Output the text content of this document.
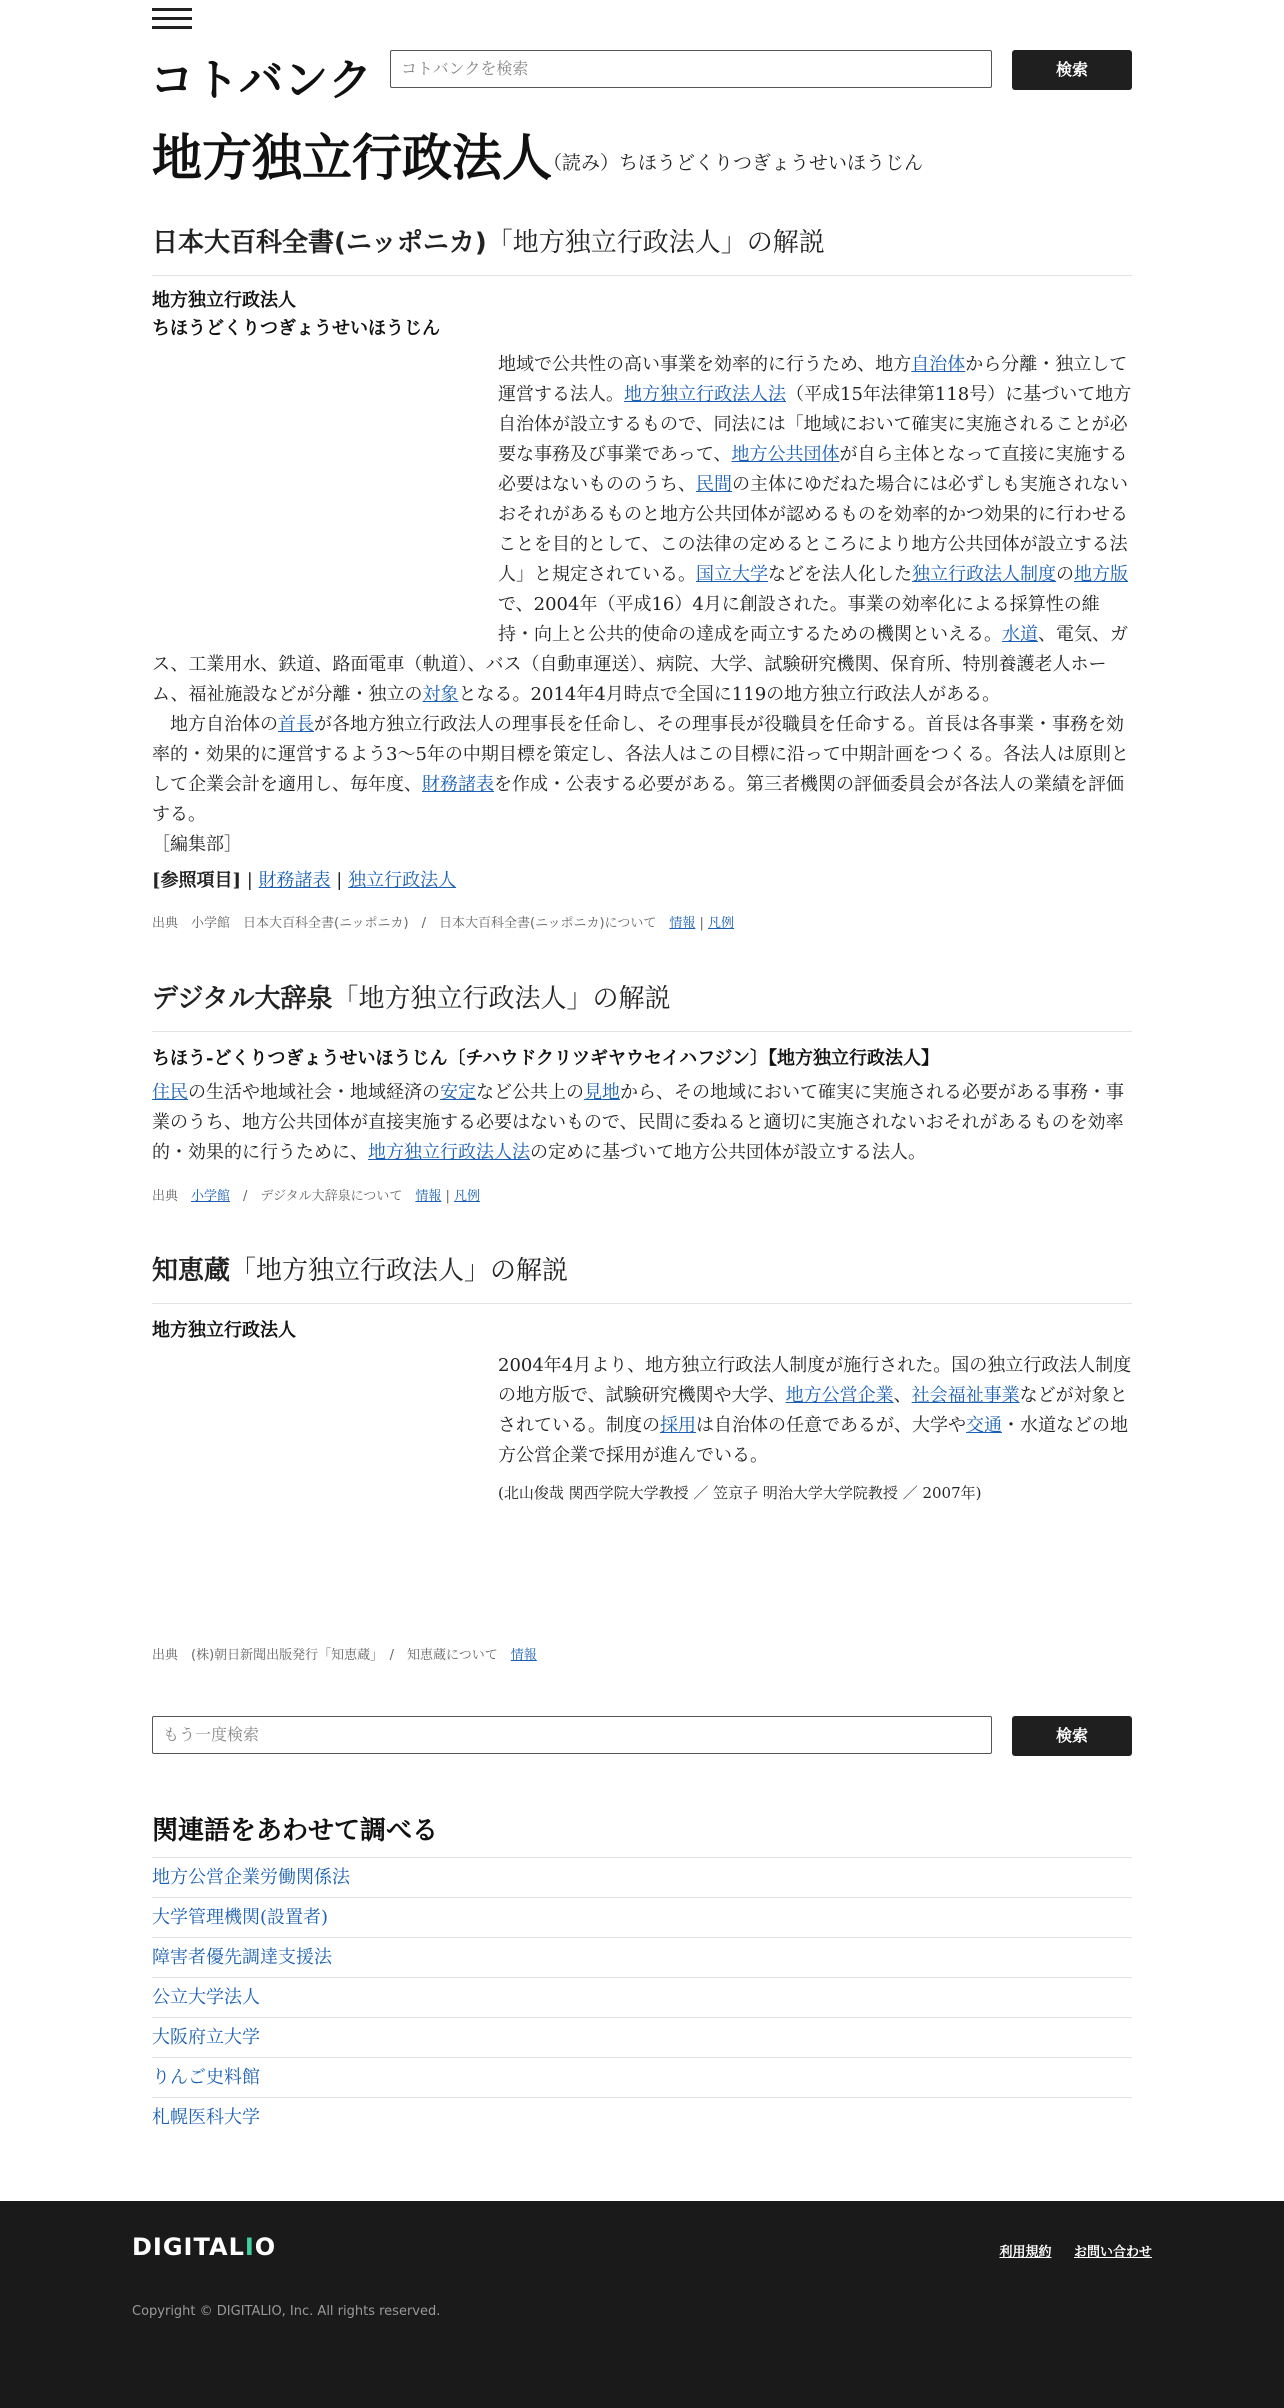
コトバンク	コトバンクを検索	検索
地方独立行政法人
（読み）ちほうどくりつぎょうせいほうじん
日本大百科全書(ニッポニカ)「地方独立行政法人」の解説
地方独立行政法人
ちほうどくりつぎょうせいほうじん
地域で公共性の高い事業を効率的に行うため、地方自治体から分離・独立して運営する法人。地方独立行政法人法（平成15年法律第118号）に基づいて地方自治体が設立するもので、同法には「地域において確実に実施されることが必要な事務及び事業であって、地方公共団体が自ら主体となって直接に実施する必要はないもののうち、民間の主体にゆだねた場合には必ずしも実施されないおそれがあるものと地方公共団体が認めるものを効率的かつ効果的に行わせることを目的として、この法律の定めるところにより地方公共団体が設立する法人」と規定されている。国立大学などを法人化した独立行政法人制度の地方版で、2004年（平成16）4月に創設された。事業の効率化による採算性の維持・向上と公共的使命の達成を両立するための機関といえる。水道、電気、ガス、工業用水、鉄道、路面電車（軌道）、バス（自動車運送）、病院、大学、試験研究機関、保育所、特別養護老人ホーム、福祉施設などが分離・独立の対象となる。2014年4月時点で全国に119の地方独立行政法人がある。
　地方自治体の首長が各地方独立行政法人の理事長を任命し、その理事長が役職員を任命する。首長は各事業・事務を効率的・効果的に運営するよう3～5年の中期目標を策定し、各法人はこの目標に沿って中期計画をつくる。各法人は原則として企業会計を適用し、毎年度、財務諸表を作成・公表する必要がある。第三者機関の評価委員会が各法人の業績を評価する。
［編集部］
[参照項目] | 財務諸表 | 独立行政法人
出典　小学館　日本大百科全書(ニッポニカ)　/　日本大百科全書(ニッポニカ)について　情報 | 凡例
デジタル大辞泉「地方独立行政法人」の解説
ちほう-どくりつぎょうせいほうじん〔チハウドクリツギヤウセイハフジン〕【地方独立行政法人】
住民の生活や地域社会・地域経済の安定など公共上の見地から、その地域において確実に実施される必要がある事務・事業のうち、地方公共団体が直接実施する必要はないもので、民間に委ねると適切に実施されないおそれがあるものを効率的・効果的に行うために、地方独立行政法人法の定めに基づいて地方公共団体が設立する法人。
出典　小学館　/　デジタル大辞泉について　情報 | 凡例
知恵蔵「地方独立行政法人」の解説
地方独立行政法人
2004年4月より、地方独立行政法人制度が施行された。国の独立行政法人制度の地方版で、試験研究機関や大学、地方公営企業、社会福祉事業などが対象とされている。制度の採用は自治体の任意であるが、大学や交通・水道などの地方公営企業で採用が進んでいる。
(北山俊哉 関西学院大学教授 ／ 笠京子 明治大学大学院教授 ／ 2007年)
出典　(株)朝日新聞出版発行「知恵蔵」　/　知恵蔵について　情報
もう一度検索	検索
関連語をあわせて調べる
地方公営企業労働関係法
大学管理機関(設置者)
障害者優先調達支援法
公立大学法人
大阪府立大学
りんご史料館
札幌医科大学
DIGITALIO	利用規約 お問い合わせ
Copyright © DIGITALIO, Inc. All rights reserved.
